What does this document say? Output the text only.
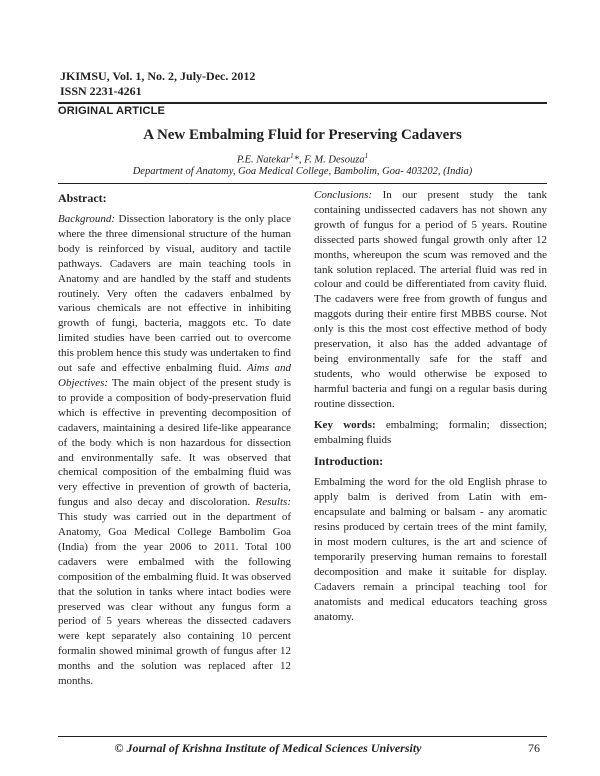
JKIMSU, Vol. 1, No. 2, July-Dec. 2012
ISSN 2231-4261
ORIGINAL ARTICLE
A New Embalming Fluid for Preserving Cadavers
P.E. Natekar$^1$*, F. M. Desouza$^1$
Department of Anatomy, Goa Medical College, Bambolim, Goa- 403202, (India)
Abstract:

Background: Dissection laboratory is the only place where the three dimensional structure of the human body is reinforced by visual, auditory and tactile pathways. Cadavers are main teaching tools in Anatomy and are handled by the staff and students routinely. Very often the cadavers enbalmed by various chemicals are not effective in inhibiting growth of fungi, bacteria, maggots etc. To date limited studies have been carried out to overcome this problem hence this study was undertaken to find out safe and effective enbalming fluid. Aims and Objectives: The main object of the present study is to provide a composition of body-preservation fluid which is effective in preventing decomposition of cadavers, maintaining a desired life-like appearance of the body which is non hazardous for dissection and environmentally safe. It was observed that chemical composition of the embalming fluid was very effective in prevention of growth of bacteria, fungus and also decay and discoloration. Results: This study was carried out in the department of Anatomy, Goa Medical College Bambolim Goa (India) from the year 2006 to 2011. Total 100 cadavers were embalmed with the following composition of the embalming fluid. It was observed that the solution in tanks where intact bodies were preserved was clear without any fungus form a period of 5 years whereas the dissected cadavers were kept separately also containing 10 percent formalin showed minimal growth of fungus after 12 months and the solution was replaced after 12 months.

Conclusions: In our present study the tank containing undissected cadavers has not shown any growth of fungus for a period of 5 years. Routine dissected parts showed fungal growth only after 12 months, whereupon the scum was removed and the tank solution replaced. The arterial fluid was red in colour and could be differentiated from cavity fluid. The cadavers were free from growth of fungus and maggots during their entire first MBBS course. Not only is this the most cost effective method of body preservation, it also has the added advantage of being environmentally safe for the staff and students, who would otherwise be exposed to harmful bacteria and fungi on a regular basis during routine dissection.

Key words: embalming; formalin; dissection; embalming fluids

Introduction:

Embalming the word for the old English phrase to apply balm is derived from Latin with em-encapsulate and balming or balsam - any aromatic resins produced by certain trees of the mint family, in most modern cultures, is the art and science of temporarily preserving human remains to forestall decomposition and make it suitable for display. Cadavers remain a principal teaching tool for anatomists and medical educators teaching gross anatomy.

© Journal of Krishna Institute of Medical Sciences University	76
